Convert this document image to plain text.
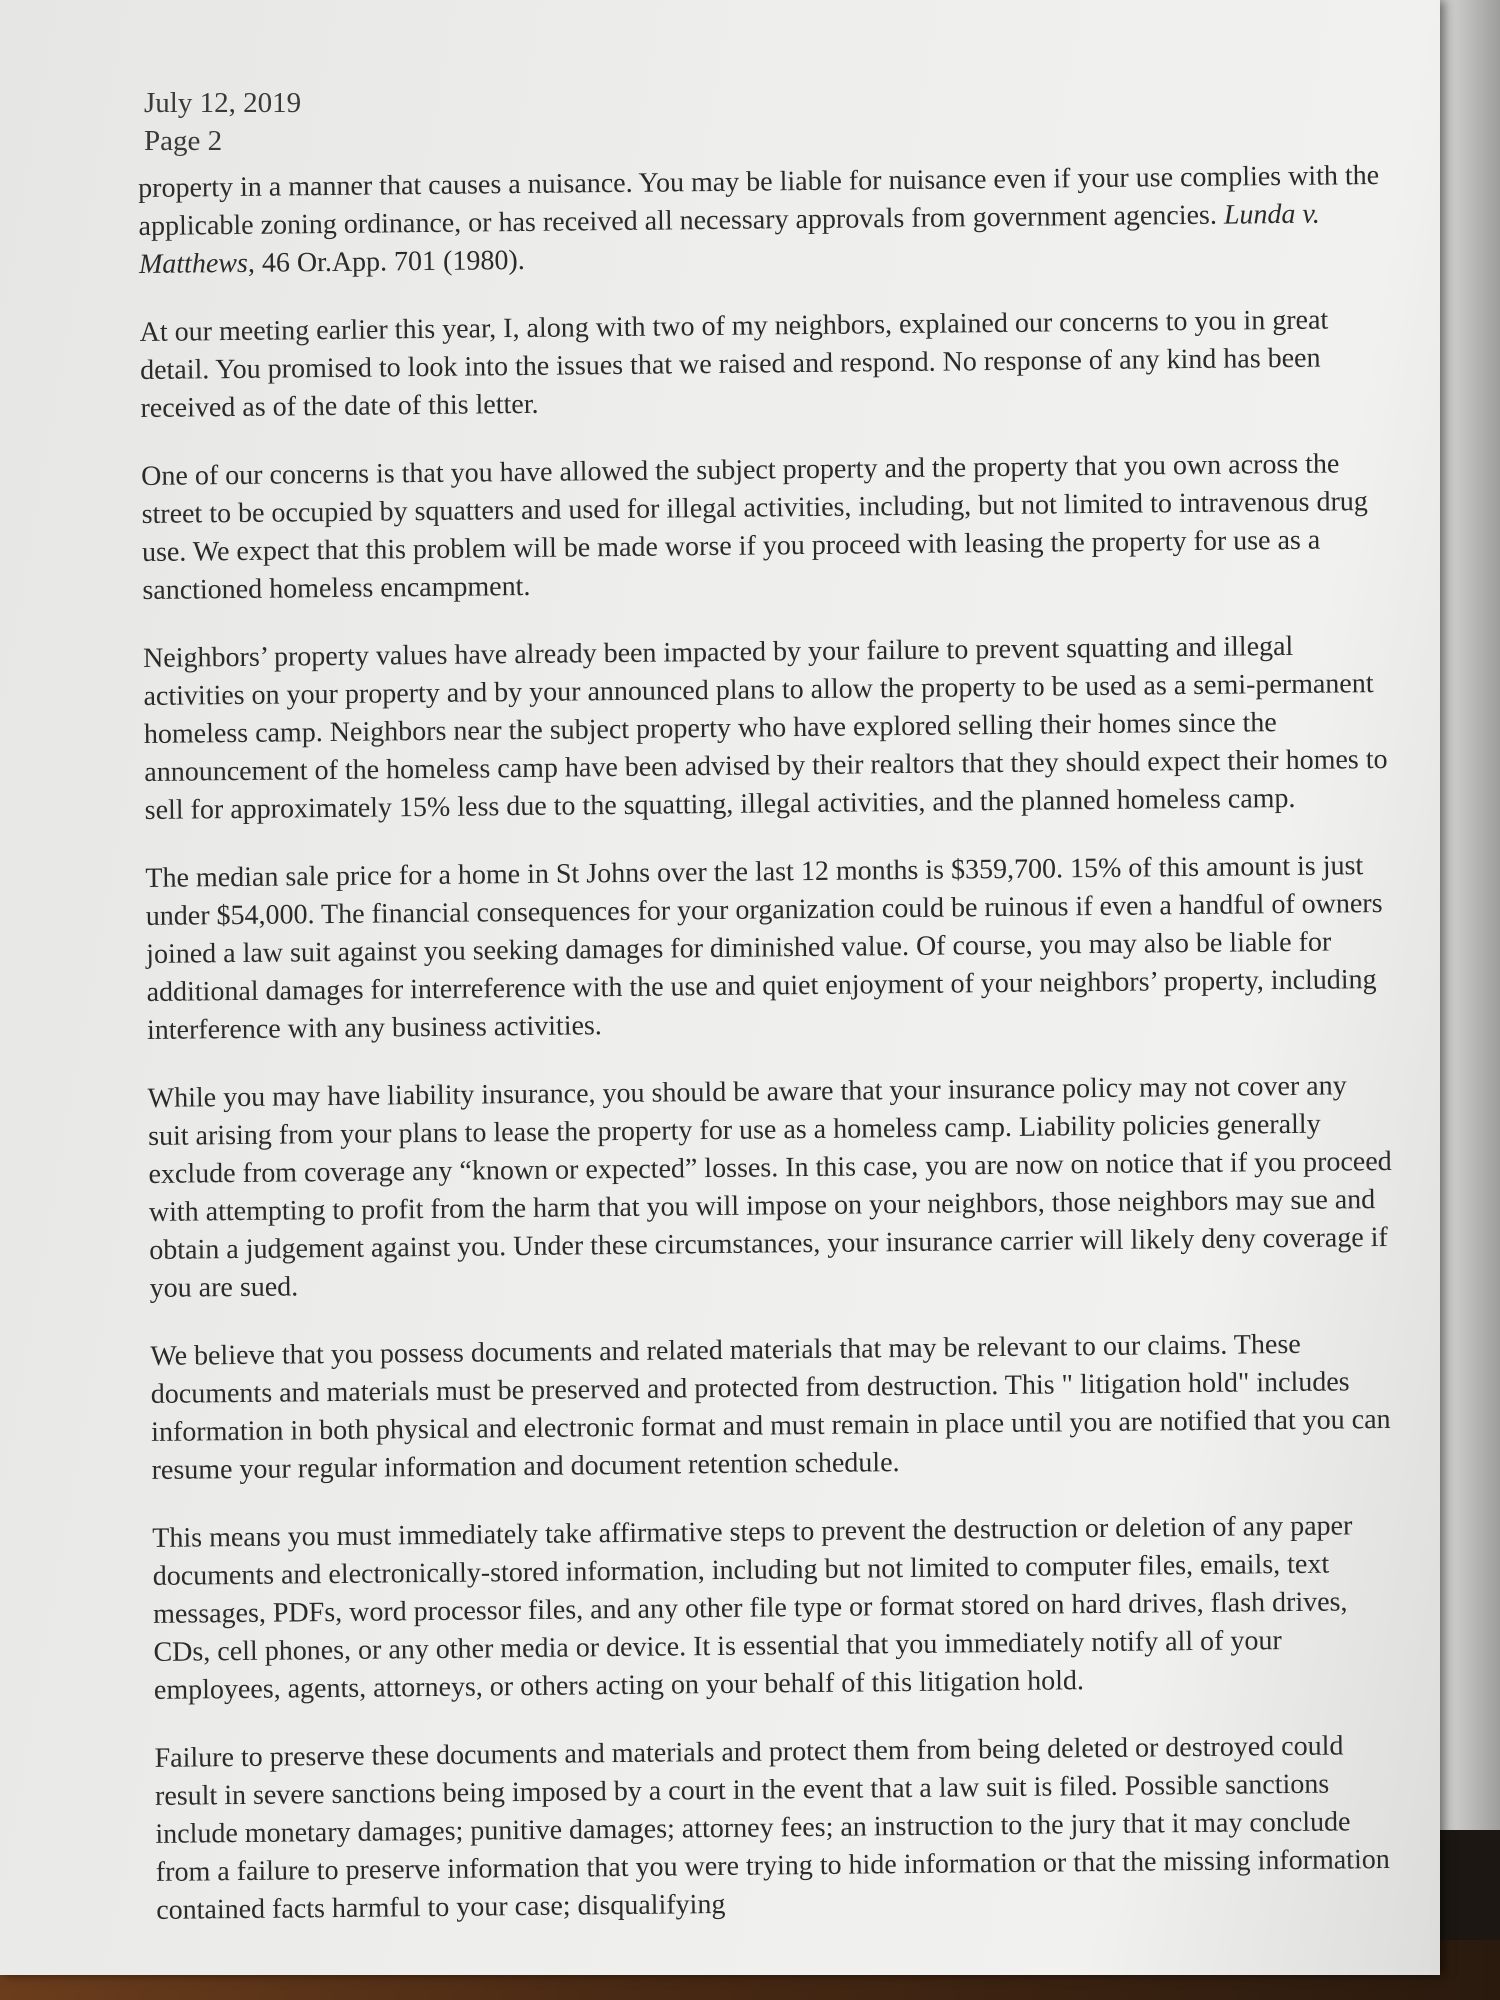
July 12, 2019
Page 2

property in a manner that causes a nuisance. You may be liable for nuisance even if your use complies with the applicable zoning ordinance, or has received all necessary approvals from government agencies. Lunda v. Matthews, 46 Or.App. 701 (1980).

At our meeting earlier this year, I, along with two of my neighbors, explained our concerns to you in great detail. You promised to look into the issues that we raised and respond. No response of any kind has been received as of the date of this letter.

One of our concerns is that you have allowed the subject property and the property that you own across the street to be occupied by squatters and used for illegal activities, including, but not limited to intravenous drug use. We expect that this problem will be made worse if you proceed with leasing the property for use as a sanctioned homeless encampment.

Neighbors’ property values have already been impacted by your failure to prevent squatting and illegal activities on your property and by your announced plans to allow the property to be used as a semi-permanent homeless camp. Neighbors near the subject property who have explored selling their homes since the announcement of the homeless camp have been advised by their realtors that they should expect their homes to sell for approximately 15% less due to the squatting, illegal activities, and the planned homeless camp.

The median sale price for a home in St Johns over the last 12 months is $359,700. 15% of this amount is just under $54,000. The financial consequences for your organization could be ruinous if even a handful of owners joined a law suit against you seeking damages for diminished value. Of course, you may also be liable for additional damages for interreference with the use and quiet enjoyment of your neighbors’ property, including interference with any business activities.

While you may have liability insurance, you should be aware that your insurance policy may not cover any suit arising from your plans to lease the property for use as a homeless camp. Liability policies generally exclude from coverage any “known or expected” losses. In this case, you are now on notice that if you proceed with attempting to profit from the harm that you will impose on your neighbors, those neighbors may sue and obtain a judgement against you. Under these circumstances, your insurance carrier will likely deny coverage if you are sued.

We believe that you possess documents and related materials that may be relevant to our claims. These documents and materials must be preserved and protected from destruction. This " litigation hold" includes information in both physical and electronic format and must remain in place until you are notified that you can resume your regular information and document retention schedule.

This means you must immediately take affirmative steps to prevent the destruction or deletion of any paper documents and electronically-stored information, including but not limited to computer files, emails, text messages, PDFs, word processor files, and any other file type or format stored on hard drives, flash drives, CDs, cell phones, or any other media or device. It is essential that you immediately notify all of your employees, agents, attorneys, or others acting on your behalf of this litigation hold.

Failure to preserve these documents and materials and protect them from being deleted or destroyed could result in severe sanctions being imposed by a court in the event that a law suit is filed. Possible sanctions include monetary damages; punitive damages; attorney fees; an instruction to the jury that it may conclude from a failure to preserve information that you were trying to hide information or that the missing information contained facts harmful to your case; disqualifying
